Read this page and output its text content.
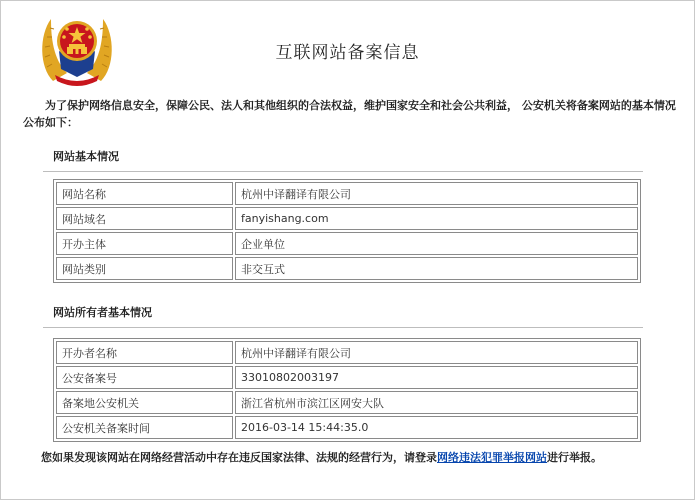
互联网站备案信息
为了保护网络信息安全，保障公民、法人和其他组织的合法权益，维护国家安全和社会公共利益， 公安机关将备案网站的基本情况公布如下：
网站基本情况
网站名称	杭州中译翻译有限公司
网站域名	fanyishang.com
开办主体	企业单位
网站类别	非交互式
网站所有者基本情况
开办者名称	杭州中译翻译有限公司
公安备案号	33010802003197
备案地公安机关	浙江省杭州市滨江区网安大队
公安机关备案时间	2016-03-14 15:44:35.0
您如果发现该网站在网络经营活动中存在违反国家法律、法规的经营行为，请登录网络违法犯罪举报网站进行举报。
